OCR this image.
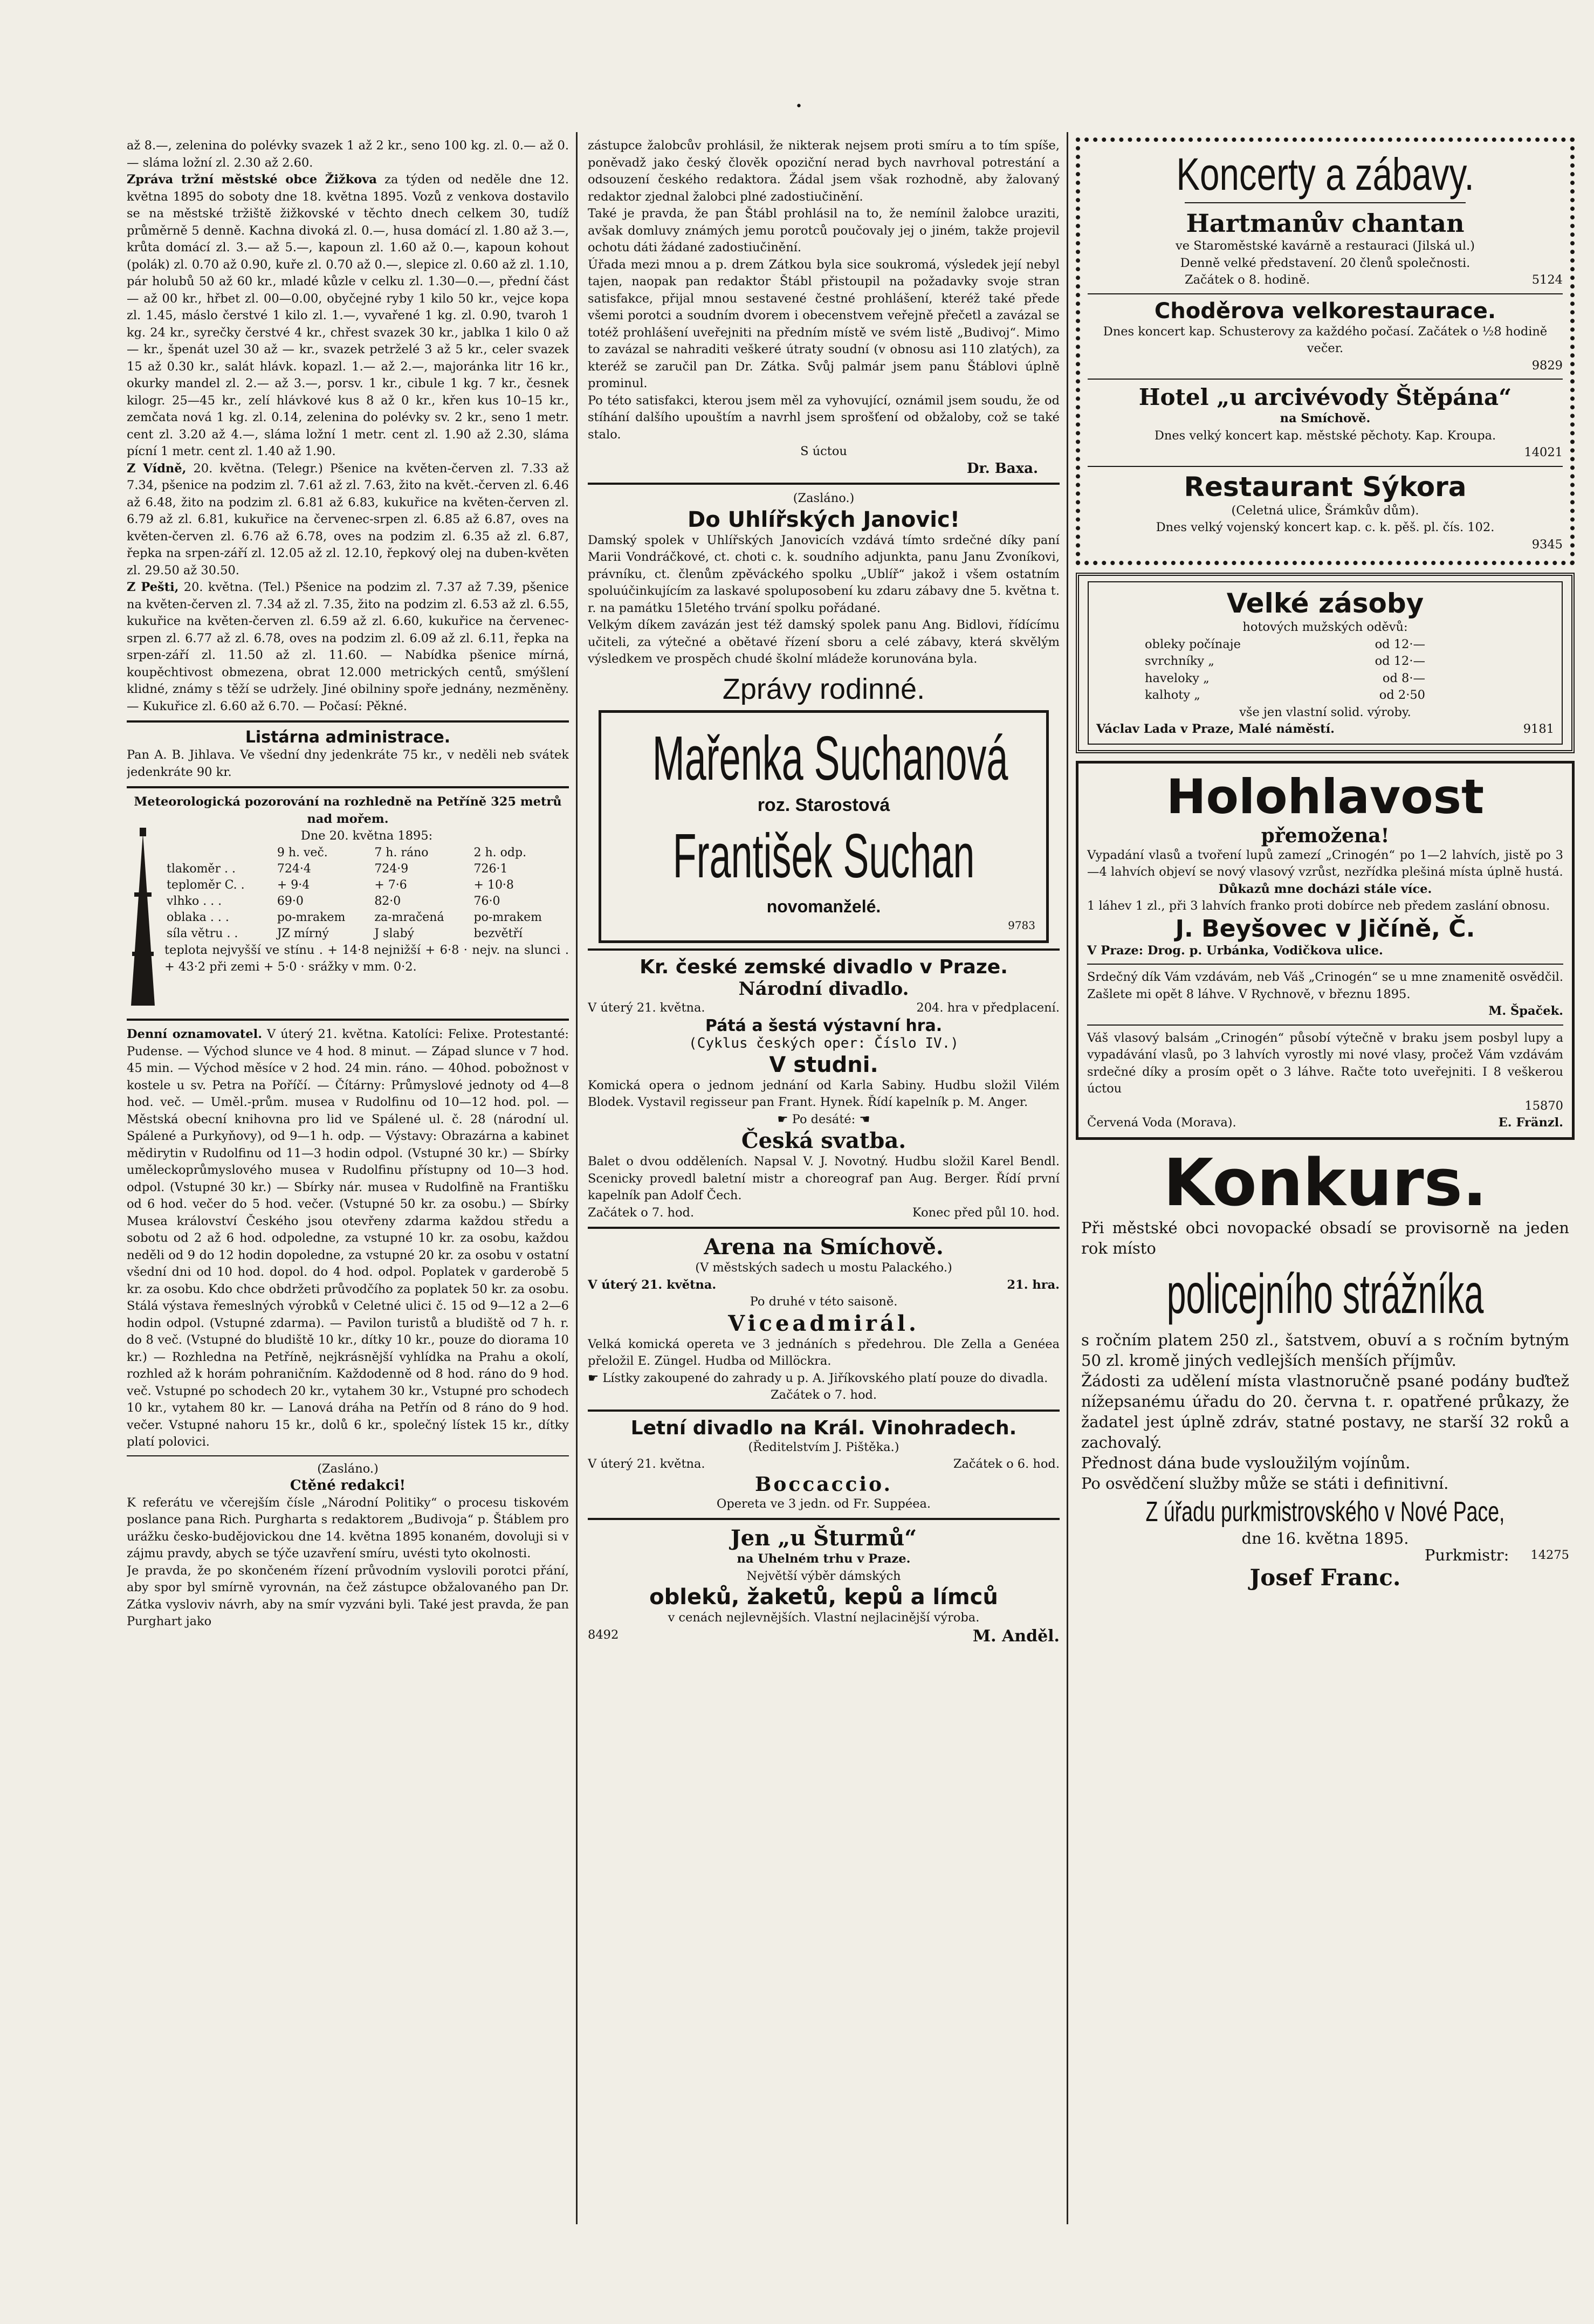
•

až 8.—, zelenina do polévky svazek 1 až 2 kr., seno 100 kg. zl. 0.— až 0.— sláma ložní zl. 2.30 až 2.60.

Zpráva tržní městské obce Žižkova za týden od neděle dne 12. května 1895 do soboty dne 18. května 1895. Vozů z venkova dostavilo se na městské tržiště žižkovské v těchto dnech celkem 30, tudíž průměrně 5 denně. Kachna divoká zl. 0.—, husa domácí zl. 1.80 až 3.—, krůta domácí zl. 3.— až 5.—, kapoun zl. 1.60 až 0.—, kapoun kohout (polák) zl. 0.70 až 0.90, kuře zl. 0.70 až 0.—, slepice zl. 0.60 až zl. 1.10, pár holubů 50 až 60 kr., mladé kůzle v celku zl. 1.30—0.—, přední část — až 00 kr., hřbet zl. 00—0.00, obyčejné ryby 1 kilo 50 kr., vejce kopa zl. 1.45, máslo čerstvé 1 kilo zl. 1.—, vyvařené 1 kg. zl. 0.90, tvaroh 1 kg. 24 kr., syrečky čerstvé 4 kr., chřest svazek 30 kr., jablka 1 kilo 0 až — kr., špenát uzel 30 až — kr., svazek petrželé 3 až 5 kr., celer svazek 15 až 0.30 kr., salát hlávk. kopazl. 1.— až 2.—, majoránka litr 16 kr., okurky mandel zl. 2.— až 3.—, porsv. 1 kr., cibule 1 kg. 7 kr., česnek kilogr. 25—45 kr., zelí hlávkové kus 8 až 0 kr., křen kus 10–15 kr., zemčata nová 1 kg. zl. 0.14, zelenina do polévky sv. 2 kr., seno 1 metr. cent zl. 3.20 až 4.—, sláma ložní 1 metr. cent zl. 1.90 až 2.30, sláma pícní 1 metr. cent zl. 1.40 až 1.90.

Z Vídně, 20. května. (Telegr.) Pšenice na květen-červen zl. 7.33 až 7.34, pšenice na podzim zl. 7.61 až zl. 7.63, žito na květ.-červen zl. 6.46 až 6.48, žito na podzim zl. 6.81 až 6.83, kukuřice na květen-červen zl. 6.79 až zl. 6.81, kukuřice na červenec-srpen zl. 6.85 až 6.87, oves na květen-červen zl. 6.76 až 6.78, oves na podzim zl. 6.35 až zl. 6.87, řepka na srpen-září zl. 12.05 až zl. 12.10, řepkový olej na duben-květen zl. 29.50 až 30.50.

Z Pešti, 20. května. (Tel.) Pšenice na podzim zl. 7.37 až 7.39, pšenice na květen-červen zl. 7.34 až zl. 7.35, žito na podzim zl. 6.53 až zl. 6.55, kukuřice na květen-červen zl. 6.59 až zl. 6.60, kukuřice na červenec-srpen zl. 6.77 až zl. 6.78, oves na podzim zl. 6.09 až zl. 6.11, řepka na srpen-září zl. 11.50 až zl. 11.60. — Nabídka pšenice mírná, koupěchtivost obmezena, obrat 12.000 metrických centů, smýšlení klidné, známy s těží se udržely. Jiné obilniny spoře jednány, nezměněny. — Kukuřice zl. 6.60 až 6.70. — Počasí: Pěkné.

Listárna administrace.

Pan A. B. Jihlava. Ve všední dny jedenkráte 75 kr., v neděli neb svátek jedenkráte 90 kr.

Meteorologická pozorování na rozhledně na Petříně 325 metrů nad mořem.

Dne 20. května 1895:

	9 h. več.	7 h. ráno	2 h. odp.
tlakoměr . .	724·4	724·9	726·1
teploměr C. .	+ 9·4	+ 7·6	+ 10·8
vlhko . . .	69·0	82·0	76·0
oblaka . . .	po-mrakem	za-mračená	po-mrakem
síla větru . .	JZ mírný	J slabý	bezvětří

teplota nejvyšší ve stínu . + 14·8 nejnižší + 6·8 · nejv. na slunci . + 43·2 při zemi + 5·0 · srážky v mm. 0·2.

Denní oznamovatel. V úterý 21. května. Katolíci: Felixe. Protestanté: Pudense. — Východ slunce ve 4 hod. 8 minut. — Západ slunce v 7 hod. 45 min. — Východ měsíce v 2 hod. 24 min. ráno. — 40hod. pobožnost v kostele u sv. Petra na Poříčí. — Čítárny: Průmyslové jednoty od 4—8 hod. več. — Uměl.-prům. musea v Rudolfinu od 10—12 hod. pol. — Městská obecní knihovna pro lid ve Spálené ul. č. 28 (národní ul. Spálené a Purkyňovy), od 9—1 h. odp. — Výstavy: Obrazárna a kabinet mědirytin v Rudolfinu od 11—3 hodin odpol. (Vstupné 30 kr.) — Sbírky uměleckoprůmyslového musea v Rudolfinu přístupny od 10—3 hod. odpol. (Vstupné 30 kr.) — Sbírky nár. musea v Rudolfině na Františku od 6 hod. večer do 5 hod. večer. (Vstupné 50 kr. za osobu.) — Sbírky Musea království Českého jsou otevřeny zdarma každou středu a sobotu od 2 až 6 hod. odpoledne, za vstupné 10 kr. za osobu, každou neděli od 9 do 12 hodin dopoledne, za vstupné 20 kr. za osobu v ostatní všední dni od 10 hod. dopol. do 4 hod. odpol. Poplatek v garderobě 5 kr. za osobu. Kdo chce obdržeti průvodčího za poplatek 50 kr. za osobu. Stálá výstava řemeslných výrobků v Celetné ulici č. 15 od 9—12 a 2—6 hodin odpol. (Vstupné zdarma). — Pavilon turistů a bludiště od 7 h. r. do 8 več. (Vstupné do bludiště 10 kr., dítky 10 kr., pouze do diorama 10 kr.) — Rozhledna na Petříně, nejkrásnější vyhlídka na Prahu a okolí, rozhled až k horám pohraničním. Každodenně od 8 hod. ráno do 9 hod. več. Vstupné po schodech 20 kr., vytahem 30 kr., Vstupné pro schodech 10 kr., vytahem 80 kr. — Lanová dráha na Petřín od 8 ráno do 9 hod. večer. Vstupné nahoru 15 kr., dolů 6 kr., společný lístek 15 kr., dítky platí polovici.

(Zasláno.)

Ctěné redakci!

K referátu ve včerejším čísle „Národní Politiky“ o procesu tiskovém poslance pana Rich. Purgharta s redaktorem „Budivoja“ p. Štáblem pro urážku česko-budějovickou dne 14. května 1895 konaném, dovoluji si v zájmu pravdy, abych se týče uzavření smíru, uvésti tyto okolnosti.

Je pravda, že po skončeném řízení průvodním vyslovili porotci přání, aby spor byl smírně vyrovnán, na čež zástupce obžalovaného pan Dr. Zátka vysloviv návrh, aby na smír vyzváni byli. Také jest pravda, že pan Purghart jako

zástupce žalobcův prohlásil, že nikterak nejsem proti smíru a to tím spíše, poněvadž jako český člověk opoziční nerad bych navrhoval potrestání a odsouzení českého redaktora. Žádal jsem však rozhodně, aby žalovaný redaktor zjednal žalobci plné zadostiučinění.

Také je pravda, že pan Štábl prohlásil na to, že nemínil žalobce uraziti, avšak domluvy známých jemu porotců poučovaly jej o jiném, takže projevil ochotu dáti žádané zadostiučinění.

Úřada mezi mnou a p. drem Zátkou byla sice soukromá, výsledek její nebyl tajen, naopak pan redaktor Štábl přistoupil na požadavky svoje stran satisfakce, přijal mnou sestavené čestné prohlášení, kteréž také přede všemi porotci a soudním dvorem i obecenstvem veřejně přečetl a zavázal se totéž prohlášení uveřejniti na předním místě ve svém listě „Budivoj“. Mimo to zavázal se nahraditi veškeré útraty soudní (v obnosu asi 110 zlatých), za kteréž se zaručil pan Dr. Zátka. Svůj palmár jsem panu Štáblovi úplně prominul.

Po této satisfakci, kterou jsem měl za vyhovující, oznámil jsem soudu, že od stíhání dalšího upouštím a navrhl jsem sprošťení od obžaloby, což se také stalo.

S úctou

Dr. Baxa.

(Zasláno.)

Do Uhlířských Janovic!

Damský spolek v Uhlířských Janovicích vzdává tímto srdečné díky paní Marii Vondráčkové, ct. choti c. k. soudního adjunkta, panu Janu Zvoníkovi, právníku, ct. členům zpěváckého spolku „Ublíř“ jakož i všem ostatním spoluúčinkujícím za laskavé spoluposobení ku zdaru zábavy dne 5. května t. r. na památku 15letého trvání spolku pořádané.

Velkým díkem zavázán jest též damský spolek panu Ang. Bidlovi, řídícímu učiteli, za výtečné a obětavé řízení sboru a celé zábavy, která skvělým výsledkem ve prospěch chudé školní mládeže korunována byla.

Zprávy rodinné.

Mařenka Suchanová

roz. Starostová

František Suchan

novomanželé.

9783

Kr. české zemské divadlo v Praze.

Národní divadlo.

V úterý 21. května.	204. hra v předplacení.

Pátá a šestá výstavní hra.

(Cyklus českých oper: Číslo IV.)

V studni.

Komická opera o jednom jednání od Karla Sabiny. Hudbu složil Vilém Blodek. Vystavil regisseur pan Frant. Hynek. Řídí kapelník p. M. Anger.

☛ Po desáté: ☚

Česká svatba.

Balet o dvou odděleních. Napsal V. J. Novotný. Hudbu složil Karel Bendl. Scenicky provedl baletní mistr a choreograf pan Aug. Berger. Řídí první kapelník pan Adolf Čech.

Začátek o 7. hod.	Konec před půl 10. hod.

Arena na Smíchově.

(V městských sadech u mostu Palackého.)

V úterý 21. května.	21. hra.

Po druhé v této saisoně.

Viceadmirál.

Velká komická opereta ve 3 jednáních s předehrou. Dle Zella a Genéea přeložil E. Züngel. Hudba od Millöckra.

☛ Lístky zakoupené do zahrady u p. A. Jiříkovského platí pouze do divadla.

Začátek o 7. hod.

Letní divadlo na Král. Vinohradech.

(Ředitelstvím J. Pištěka.)

V úterý 21. května.	Začátek o 6. hod.

Boccaccio.

Opereta ve 3 jedn. od Fr. Suppéea.

Jen „u Šturmů“

na Uhelném trhu v Praze.

Největší výběr dámských

obleků, žaketů, kepů a límců

v cenách nejlevnějších. Vlastní nejlacinější výroba.

8492	M. Anděl.

Koncerty a zábavy.

Hartmanův chantan

ve Staroměstské kavárně a restauraci (Jilská ul.)

Denně velké představení. 20 členů společnosti.

Začátek o 8. hodině.	5124

Choděrova velkorestaurace.

Dnes koncert kap. Schusterovy za každého počasí. Začátek o ½8 hodině večer.

9829

Hotel „u arcivévody Štěpána“

na Smíchově.

Dnes velký koncert kap. městské pěchoty. Kap. Kroupa.

14021

Restaurant Sýkora

(Celetná ulice, Šrámkův dům).

Dnes velký vojenský koncert kap. c. k. pěš. pl. čís. 102.

9345

Velké zásoby

hotových mužských oděvů:

obleky počínaje	od 12·—
svrchníky „	od 12·—
haveloky „	od 8·—
kalhoty „	od 2·50

vše jen vlastní solid. výroby.

Václav Lada v Praze, Malé náměstí.	9181

Holohlavost

přemožena!

Vypadání vlasů a tvoření lupů zamezí „Crinogén“ po 1—2 lahvích, jistě po 3—4 lahvích objeví se nový vlasový vzrůst, nezřídka plešiná místa úplně hustá.

Důkazů mne docházi stále více.

1 láhev 1 zl., při 3 lahvích franko proti dobírce neb předem zaslání obnosu.

J. Beyšovec v Jičíně, Č.

V Praze: Drog. p. Urbánka, Vodičkova ulice.

Srdečný dík Vám vzdávám, neb Váš „Crinogén“ se u mne znamenitě osvědčil. Zašlete mi opět 8 láhve. V Rychnově, v březnu 1895.

M. Špaček.

Váš vlasový balsám „Crinogén“ působí výtečně v braku jsem posbyl lupy a vypadávání vlasů, po 3 lahvích vyrostly mi nové vlasy, pročež Vám vzdávám srdečné díky a prosím opět o 3 láhve. Račte toto uveřejniti. I 8 veškerou úctou

15870

Červená Voda (Morava).	E. Fränzl.

Konkurs.

Při městské obci novopacké obsadí se provisorně na jeden rok místo

policejního strážníka

s ročním platem 250 zl., šatstvem, obuví a s ročním bytným 50 zl. kromě jiných vedlejších menších příjmův.

Žádosti za udělení místa vlastnoručně psané podány buďtež nížepsanému úřadu do 20. června t. r. opatřené průkazy, že žadatel jest úplně zdráv, statné postavy, ne starší 32 roků a zachovalý.

Přednost dána bude vysloužilým vojínům.

Po osvědčení služby může se státi i definitivní.

Z úřadu purkmistrovského v Nové Pace,

dne 16. května 1895.

Purkmistr: 14275

Josef Franc.
